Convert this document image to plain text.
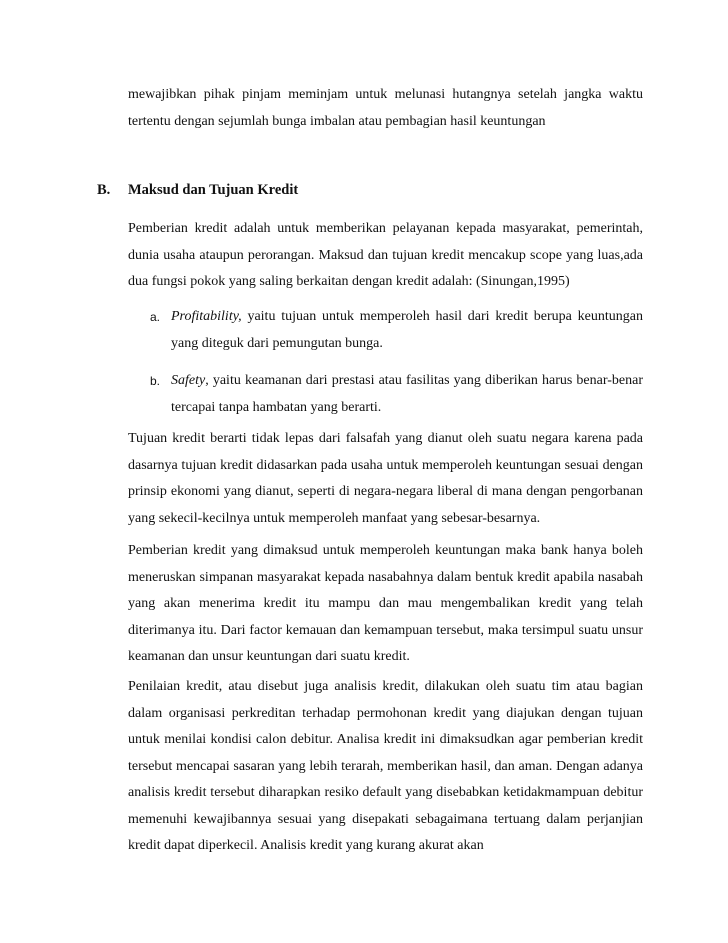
mewajibkan pihak pinjam meminjam untuk melunasi hutangnya setelah jangka waktu tertentu dengan sejumlah bunga imbalan atau pembagian hasil keuntungan

B. Maksud dan Tujuan Kredit

Pemberian kredit adalah untuk memberikan pelayanan kepada masyarakat, pemerintah, dunia usaha ataupun perorangan. Maksud dan tujuan kredit mencakup scope yang luas,ada dua fungsi pokok yang saling berkaitan dengan kredit adalah: (Sinungan,1995)

a. Profitability, yaitu tujuan untuk memperoleh hasil dari kredit berupa keuntungan yang diteguk dari pemungutan bunga.
b. Safety, yaitu keamanan dari prestasi atau fasilitas yang diberikan harus benar-benar tercapai tanpa hambatan yang berarti.

Tujuan kredit berarti tidak lepas dari falsafah yang dianut oleh suatu negara karena pada dasarnya tujuan kredit didasarkan pada usaha untuk memperoleh keuntungan sesuai dengan prinsip ekonomi yang dianut, seperti di negara-negara liberal di mana dengan pengorbanan yang sekecil-kecilnya untuk memperoleh manfaat yang sebesar-besarnya.

Pemberian kredit yang dimaksud untuk memperoleh keuntungan maka bank hanya boleh meneruskan simpanan masyarakat kepada nasabahnya dalam bentuk kredit apabila nasabah yang akan menerima kredit itu mampu dan mau mengembalikan kredit yang telah diterimanya itu. Dari factor kemauan dan kemampuan tersebut, maka tersimpul suatu unsur keamanan dan unsur keuntungan dari suatu kredit.

Penilaian kredit, atau disebut juga analisis kredit, dilakukan oleh suatu tim atau bagian dalam organisasi perkreditan terhadap permohonan kredit yang diajukan dengan tujuan untuk menilai kondisi calon debitur. Analisa kredit ini dimaksudkan agar pemberian kredit tersebut mencapai sasaran yang lebih terarah, memberikan hasil, dan aman. Dengan adanya analisis kredit tersebut diharapkan resiko default yang disebabkan ketidakmampuan debitur memenuhi kewajibannya sesuai yang disepakati sebagaimana tertuang dalam perjanjian kredit dapat diperkecil. Analisis kredit yang kurang akurat akan
